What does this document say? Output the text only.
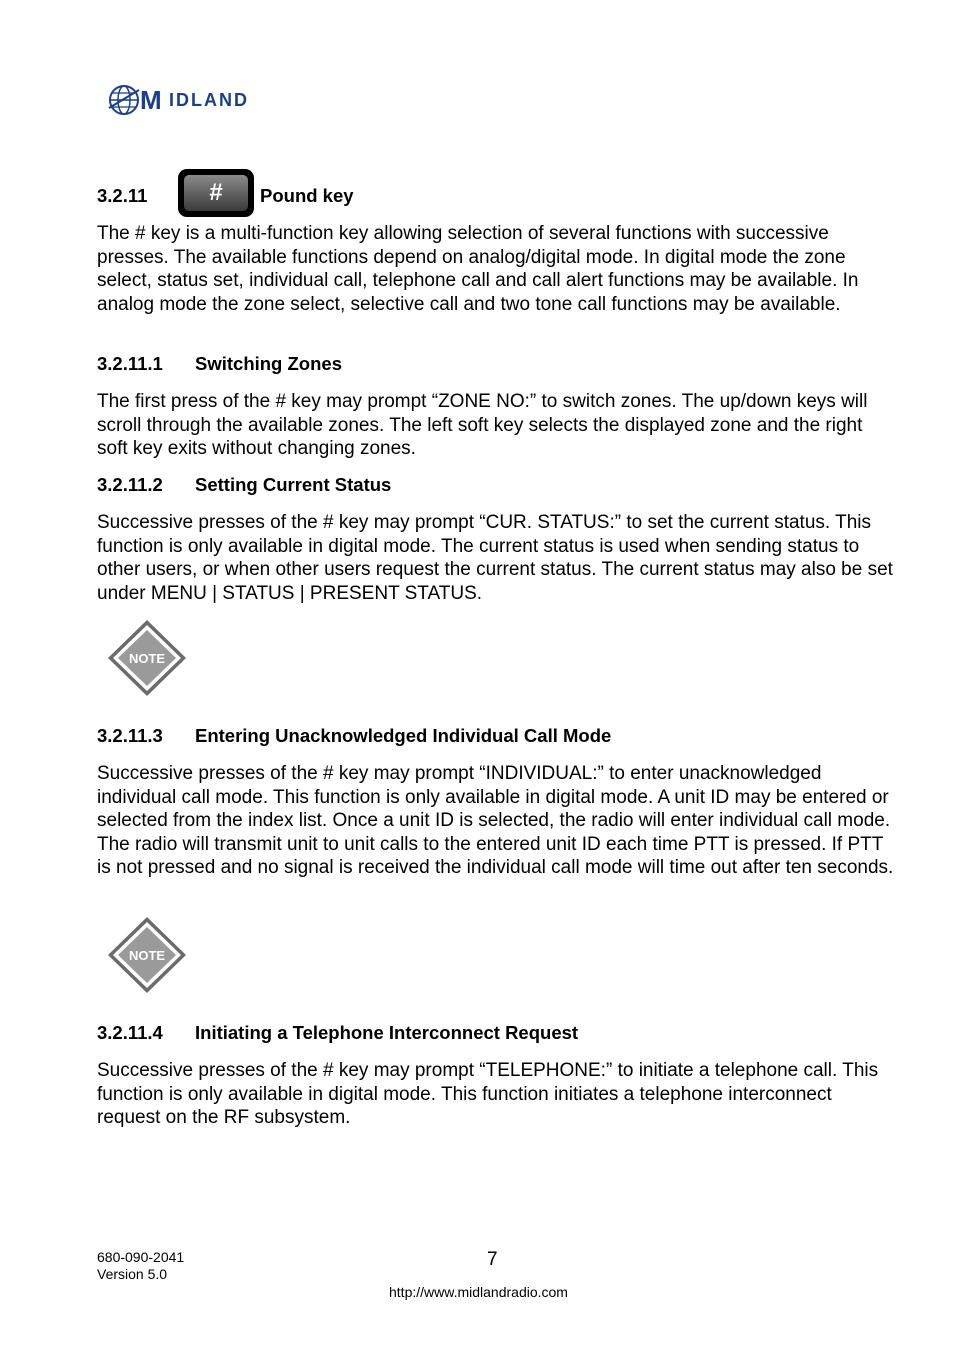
M IDLAND
3.2.11	#	Pound key

The # key is a multi-function key allowing selection of several functions with successive presses. The available functions depend on analog/digital mode. In digital mode the zone select, status set, individual call, telephone call and call alert functions may be available. In analog mode the zone select, selective call and two tone call functions may be available.

3.2.11.1 Switching Zones

The first press of the # key may prompt “ZONE NO:” to switch zones. The up/down keys will scroll through the available zones. The left soft key selects the displayed zone and the right soft key exits without changing zones.

3.2.11.2 Setting Current Status

Successive presses of the # key may prompt “CUR. STATUS:” to set the current status. This function is only available in digital mode. The current status is used when sending status to other users, or when other users request the current status. The current status may also be set under MENU | STATUS | PRESENT STATUS.

NOTE
3.2.11.3 Entering Unacknowledged Individual Call Mode

Successive presses of the # key may prompt “INDIVIDUAL:” to enter unacknowledged individual call mode. This function is only available in digital mode. A unit ID may be entered or selected from the index list. Once a unit ID is selected, the radio will enter individual call mode. The radio will transmit unit to unit calls to the entered unit ID each time PTT is pressed. If PTT is not pressed and no signal is received the individual call mode will time out after ten seconds.

NOTE
3.2.11.4 Initiating a Telephone Interconnect Request

Successive presses of the # key may prompt “TELEPHONE:” to initiate a telephone call. This function is only available in digital mode. This function initiates a telephone interconnect request on the RF subsystem.

680-090-2041
Version 5.0
7
http://www.midlandradio.com
